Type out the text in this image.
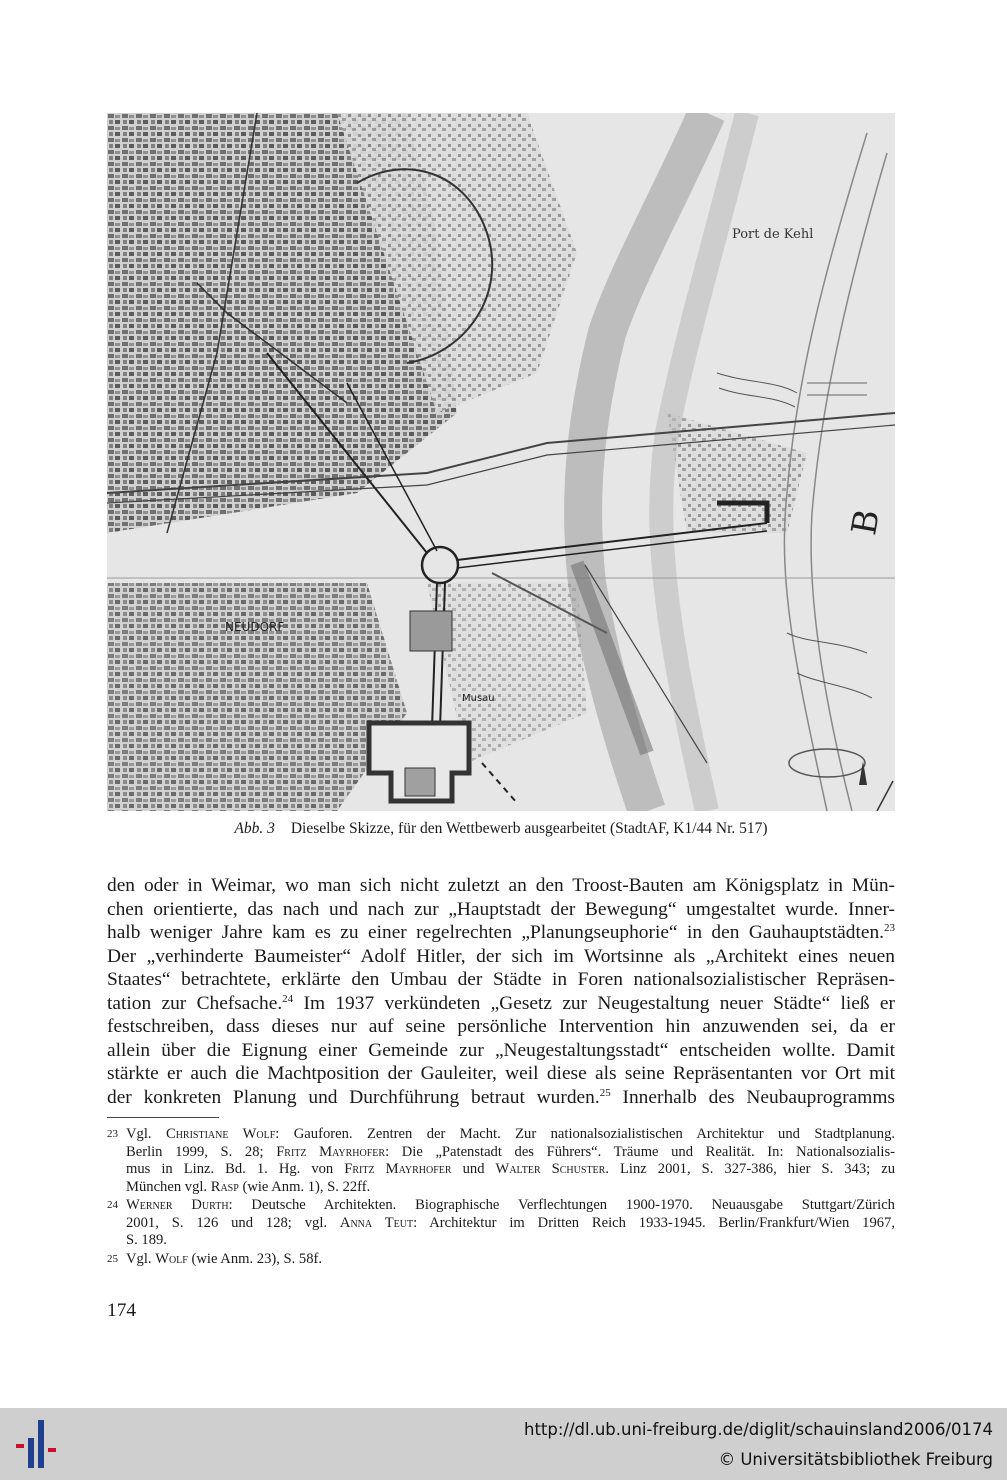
Port de Kehl
NEUDORF
Musau
B
Abb. 3 Dieselbe Skizze, für den Wettbewerb ausgearbeitet (StadtAF, K1/44 Nr. 517)
den oder in Weimar, wo man sich nicht zuletzt an den Troost-Bauten am Königsplatz in Mün-
chen orientierte, das nach und nach zur „Hauptstadt der Bewegung“ umgestaltet wurde. Inner-
halb weniger Jahre kam es zu einer regelrechten „Planungseuphorie“ in den Gauhauptstädten.$^{23}$
Der „verhinderte Baumeister“ Adolf Hitler, der sich im Wortsinne als „Architekt eines neuen
Staates“ betrachtete, erklärte den Umbau der Städte in Foren nationalsozialistischer Repräsen-
tation zur Chefsache.$^{24}$ Im 1937 verkündeten „Gesetz zur Neugestaltung neuer Städte“ ließ er
festschreiben, dass dieses nur auf seine persönliche Intervention hin anzuwenden sei, da er
allein über die Eignung einer Gemeinde zur „Neugestaltungsstadt“ entscheiden wollte. Damit
stärkte er auch die Machtposition der Gauleiter, weil diese als seine Repräsentanten vor Ort mit
der konkreten Planung und Durchführung betraut wurden.$^{25}$ Innerhalb des Neubauprogramms
23 Vgl. Christiane Wolf: Gauforen. Zentren der Macht. Zur nationalsozialistischen Architektur und Stadtplanung.
Berlin 1999, S. 28; Fritz Mayrhofer: Die „Patenstadt des Führers“. Träume und Realität. In: Nationalsozialis-
mus in Linz. Bd. 1. Hg. von Fritz Mayrhofer und Walter Schuster. Linz 2001, S. 327-386, hier S. 343; zu
München vgl. Rasp (wie Anm. 1), S. 22ff.
24 Werner Durth: Deutsche Architekten. Biographische Verflechtungen 1900-1970. Neuausgabe Stuttgart/Zürich
2001, S. 126 und 128; vgl. Anna Teut: Architektur im Dritten Reich 1933-1945. Berlin/Frankfurt/Wien 1967,
S. 189.
25 Vgl. Wolf (wie Anm. 23), S. 58f.
174
http://dl.ub.uni-freiburg.de/diglit/schauinsland2006/0174
© Universitätsbibliothek Freiburg
